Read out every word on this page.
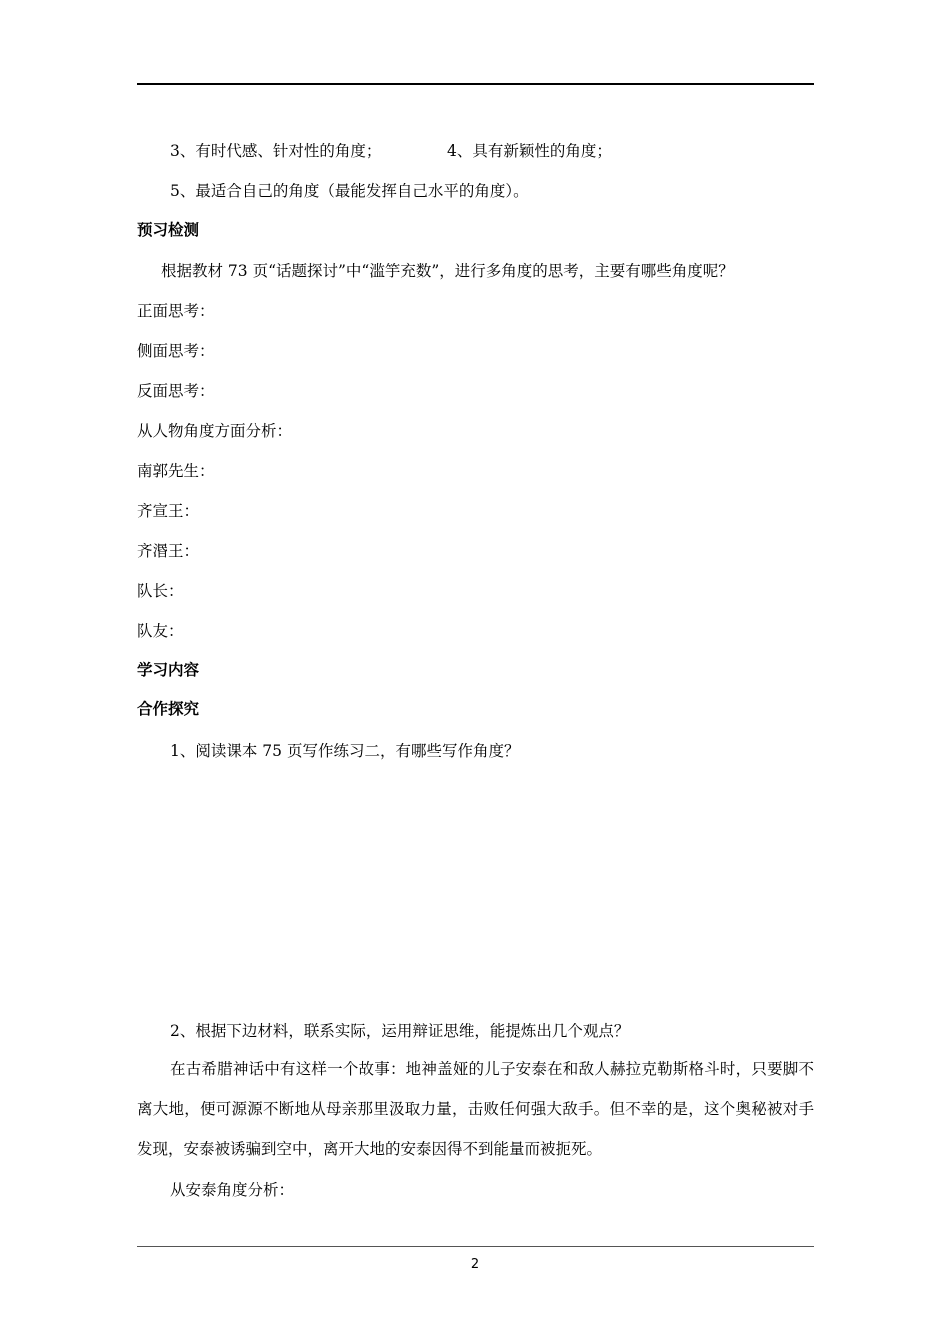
3、有时代感、针对性的角度；	4、具有新颖性的角度；
5、最适合自己的角度（最能发挥自己水平的角度）。
预习检测
根据教材 73 页“话题探讨”中“滥竽充数”，进行多角度的思考，主要有哪些角度呢？
正面思考：
侧面思考：
反面思考：
从人物角度方面分析：
南郭先生：
齐宣王：
齐湣王：
队长：
队友：
学习内容
合作探究
1、阅读课本 75 页写作练习二，有哪些写作角度？
2、根据下边材料，联系实际，运用辩证思维，能提炼出几个观点？
在古希腊神话中有这样一个故事：地神盖娅的儿子安泰在和敌人赫拉克勒斯格斗时，只要脚不离大地，便可源源不断地从母亲那里汲取力量，击败任何强大敌手。但不幸的是，这个奥秘被对手发现，安泰被诱骗到空中，离开大地的安泰因得不到能量而被扼死。
从安泰角度分析：
2
